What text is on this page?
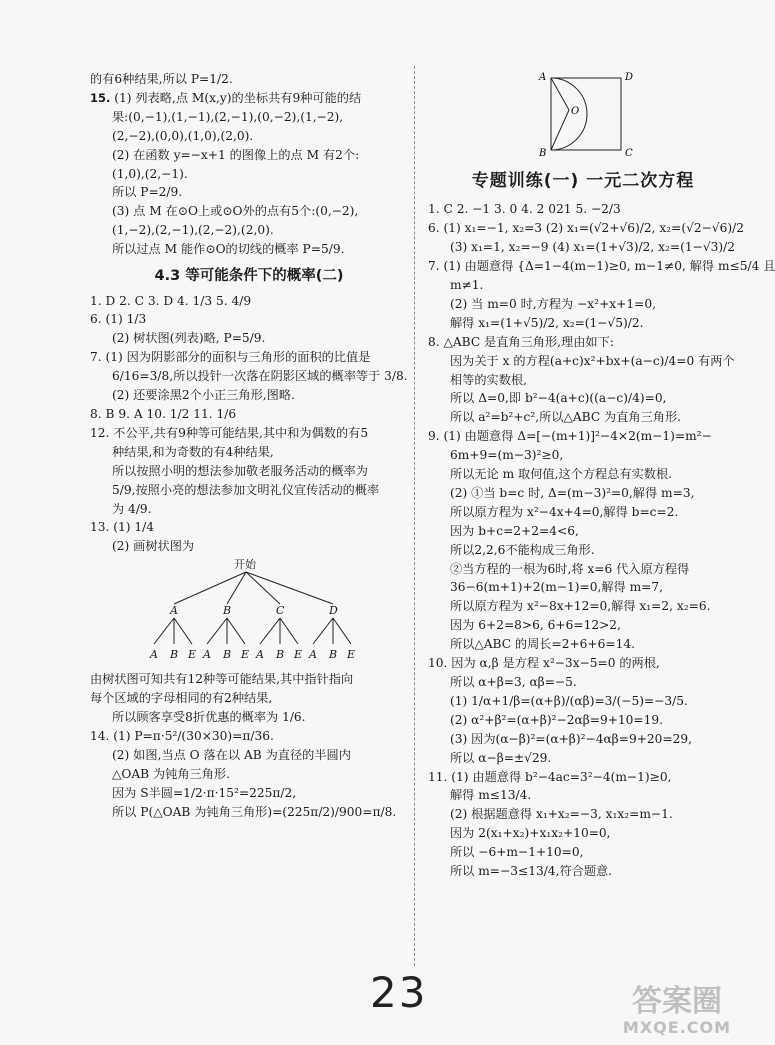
的有6种结果,所以 P=1/2.
15. (1) 列表略,点 M(x,y)的坐标共有9种可能的结
果:(0,−1),(1,−1),(2,−1),(0,−2),(1,−2),
(2,−2),(0,0),(1,0),(2,0).
(2) 在函数 y=−x+1 的图像上的点 M 有2个:
(1,0),(2,−1).
所以 P=2/9.
(3) 点 M 在⊙O上或⊙O外的点有5个:(0,−2),
(1,−2),(2,−1),(2,−2),(2,0).
所以过点 M 能作⊙O的切线的概率 P=5/9.
4.3 等可能条件下的概率(二)
1. D 2. C 3. D 4. 1/3 5. 4/9
6. (1) 1/3
(2) 树状图(列表)略, P=5/9.
7. (1) 因为阴影部分的面积与三角形的面积的比值是
6/16=3/8,所以投针一次落在阴影区域的概率等于 3/8.
(2) 还要涂黑2个小正三角形,图略.
8. B 9. A 10. 1/2 11. 1/6
12. 不公平,共有9种等可能结果,其中和为偶数的有5
种结果,和为奇数的有4种结果,
所以按照小明的想法参加敬老服务活动的概率为
5/9,按照小亮的想法参加文明礼仪宣传活动的概率
为 4/9.
13. (1) 1/4
(2) 画树状图为
开始
A	B	C	D
A B E A B E A B E A B E
由树状图可知共有12种等可能结果,其中指针指向
每个区域的字母相同的有2种结果,
所以顾客享受8折优惠的概率为 1/6.
14. (1) P=π·5²/(30×30)=π/36.
(2) 如图,当点 O 落在以 AB 为直径的半圆内
△OAB 为钝角三角形.
因为 S半圆=1/2·π·15²=225π/2,
所以 P(△OAB 为钝角三角形)=(225π/2)/900=π/8.
A	D
O
B	C
专题训练(一) 一元二次方程
1. C 2. −1 3. 0 4. 2 021 5. −2/3
6. (1) x₁=−1, x₂=3 (2) x₁=(√2+√6)/2, x₂=(√2−√6)/2
(3) x₁=1, x₂=−9 (4) x₁=(1+√3)/2, x₂=(1−√3)/2
7. (1) 由题意得 {Δ=1−4(m−1)≥0, m−1≠0, 解得 m≤5/4 且
m≠1.
(2) 当 m=0 时,方程为 −x²+x+1=0,
解得 x₁=(1+√5)/2, x₂=(1−√5)/2.
8. △ABC 是直角三角形,理由如下:
因为关于 x 的方程(a+c)x²+bx+(a−c)/4=0 有两个
相等的实数根,
所以 Δ=0,即 b²−4(a+c)((a−c)/4)=0,
所以 a²=b²+c²,所以△ABC 为直角三角形.
9. (1) 由题意得 Δ=[−(m+1)]²−4×2(m−1)=m²−
6m+9=(m−3)²≥0,
所以无论 m 取何值,这个方程总有实数根.
(2) ①当 b=c 时, Δ=(m−3)²=0,解得 m=3,
所以原方程为 x²−4x+4=0,解得 b=c=2.
因为 b+c=2+2=4<6,
所以2,2,6不能构成三角形.
②当方程的一根为6时,将 x=6 代入原方程得
36−6(m+1)+2(m−1)=0,解得 m=7,
所以原方程为 x²−8x+12=0,解得 x₁=2, x₂=6.
因为 6+2=8>6, 6+6=12>2,
所以△ABC 的周长=2+6+6=14.
10. 因为 α,β 是方程 x²−3x−5=0 的两根,
所以 α+β=3, αβ=−5.
(1) 1/α+1/β=(α+β)/(αβ)=3/(−5)=−3/5.
(2) α²+β²=(α+β)²−2αβ=9+10=19.
(3) 因为(α−β)²=(α+β)²−4αβ=9+20=29,
所以 α−β=±√29.
11. (1) 由题意得 b²−4ac=3²−4(m−1)≥0,
解得 m≤13/4.
(2) 根据题意得 x₁+x₂=−3, x₁x₂=m−1.
因为 2(x₁+x₂)+x₁x₂+10=0,
所以 −6+m−1+10=0,
所以 m=−3≤13/4,符合题意.
23	答案圈
MXQE.COM
